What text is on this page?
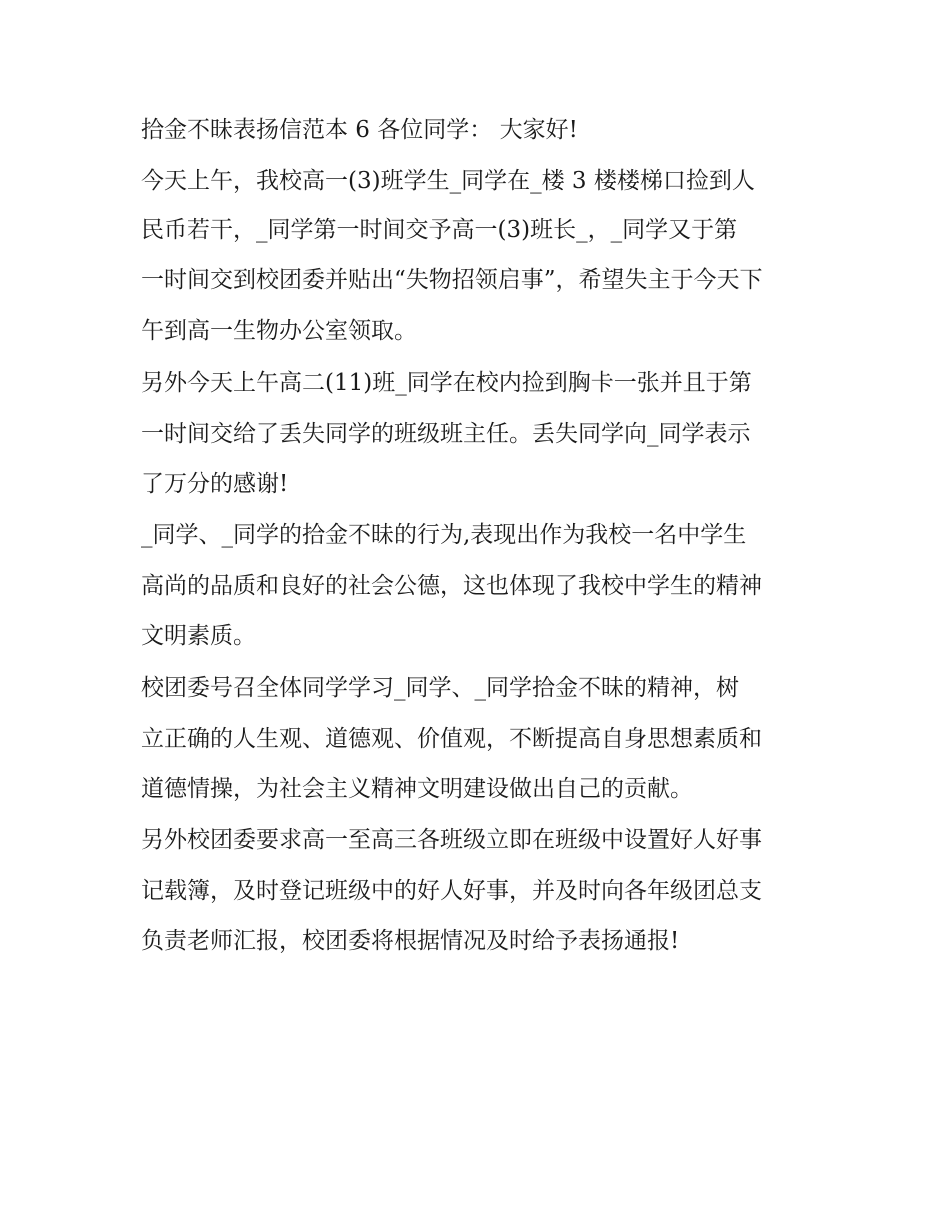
拾金不昧表扬信范本 6 各位同学： 大家好!
今天上午，我校高一(3)班学生_同学在_楼 3 楼楼梯口捡到人
民币若干，_同学第一时间交予高一(3)班长_，_同学又于第
一时间交到校团委并贴出“失物招领启事”，希望失主于今天下
午到高一生物办公室领取。
另外今天上午高二(11)班_同学在校内捡到胸卡一张并且于第
一时间交给了丢失同学的班级班主任。丢失同学向_同学表示
了万分的感谢!
_同学、_同学的拾金不昧的行为,表现出作为我校一名中学生
高尚的品质和良好的社会公德，这也体现了我校中学生的精神
文明素质。
校团委号召全体同学学习_同学、_同学拾金不昧的精神，树
立正确的人生观、道德观、价值观，不断提高自身思想素质和
道德情操，为社会主义精神文明建设做出自己的贡献。
另外校团委要求高一至高三各班级立即在班级中设置好人好事
记载簿，及时登记班级中的好人好事，并及时向各年级团总支
负责老师汇报，校团委将根据情况及时给予表扬通报!
